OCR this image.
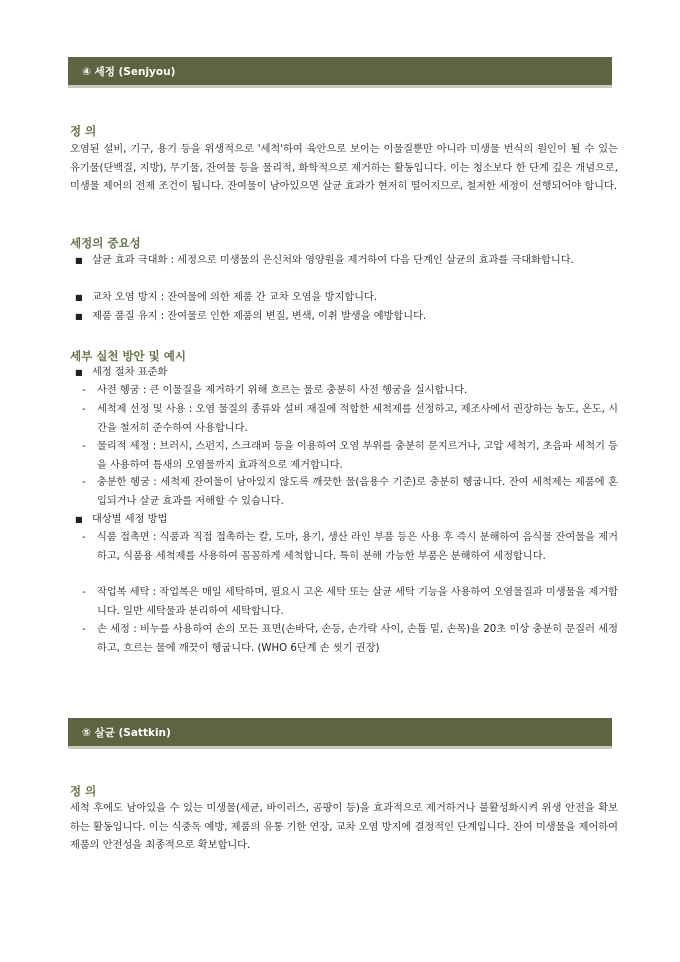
④ 세정 (Senjyou)
정 의

오염된 설비, 기구, 용기 등을 위생적으로 '세척'하여 육안으로 보이는 이물질뿐만 아니라 미생물 번식의 원인이 될 수 있는 유기물(단백질, 지방), 무기물, 잔여물 등을 물리적, 화학적으로 제거하는 활동입니다. 이는 청소보다 한 단계 깊은 개념으로, 미생물 제어의 전제 조건이 됩니다. 잔여물이 남아있으면 살균 효과가 현저히 떨어지므로, 철저한 세정이 선행되어야 합니다.

세정의 중요성
■ 살균 효과 극대화 : 세정으로 미생물의 은신처와 영양원을 제거하여 다음 단계인 살균의 효과를 극대화합니다.
■ 교차 오염 방지 : 잔여물에 의한 제품 간 교차 오염을 방지합니다.
■ 제품 품질 유지 : 잔여물로 인한 제품의 변질, 변색, 이취 발생을 예방합니다.
세부 실천 방안 및 예시
■ 세정 절차 표준화
- 사전 헹굼 : 큰 이물질을 제거하기 위해 흐르는 물로 충분히 사전 헹굼을 실시합니다.
- 세척제 선정 및 사용 : 오염 물질의 종류와 설비 재질에 적합한 세척제를 선정하고, 제조사에서 권장하는 농도, 온도, 시간을 철저히 준수하여 사용합니다.
- 물리적 세정 : 브러시, 스펀지, 스크래퍼 등을 이용하여 오염 부위를 충분히 문지르거나, 고압 세척기, 초음파 세척기 등을 사용하여 틈새의 오염물까지 효과적으로 제거합니다.
- 충분한 헹굼 : 세척제 잔여물이 남아있지 않도록 깨끗한 물(음용수 기준)로 충분히 헹굽니다. 잔여 세척제는 제품에 혼입되거나 살균 효과를 저해할 수 있습니다.
■ 대상별 세정 방법
- 식품 접촉면 : 식품과 직접 접촉하는 칼, 도마, 용기, 생산 라인 부품 등은 사용 후 즉시 분해하여 음식물 잔여물을 제거하고, 식품용 세척제를 사용하여 꼼꼼하게 세척합니다. 특히 분해 가능한 부품은 분해하여 세정합니다.
- 작업복 세탁 : 작업복은 매일 세탁하며, 필요시 고온 세탁 또는 살균 세탁 기능을 사용하여 오염물질과 미생물을 제거합니다. 일반 세탁물과 분리하여 세탁합니다.
- 손 세정 : 비누를 사용하여 손의 모든 표면(손바닥, 손등, 손가락 사이, 손톱 밑, 손목)을 20초 이상 충분히 문질러 세정하고, 흐르는 물에 깨끗이 헹굽니다. (WHO 6단계 손 씻기 권장)
⑤ 살균 (Sattkin)
정 의

세척 후에도 남아있을 수 있는 미생물(세균, 바이러스, 곰팡이 등)을 효과적으로 제거하거나 불활성화시켜 위생 안전을 확보하는 활동입니다. 이는 식중독 예방, 제품의 유통 기한 연장, 교차 오염 방지에 결정적인 단계입니다. 잔여 미생물을 제어하여 제품의 안전성을 최종적으로 확보합니다.
